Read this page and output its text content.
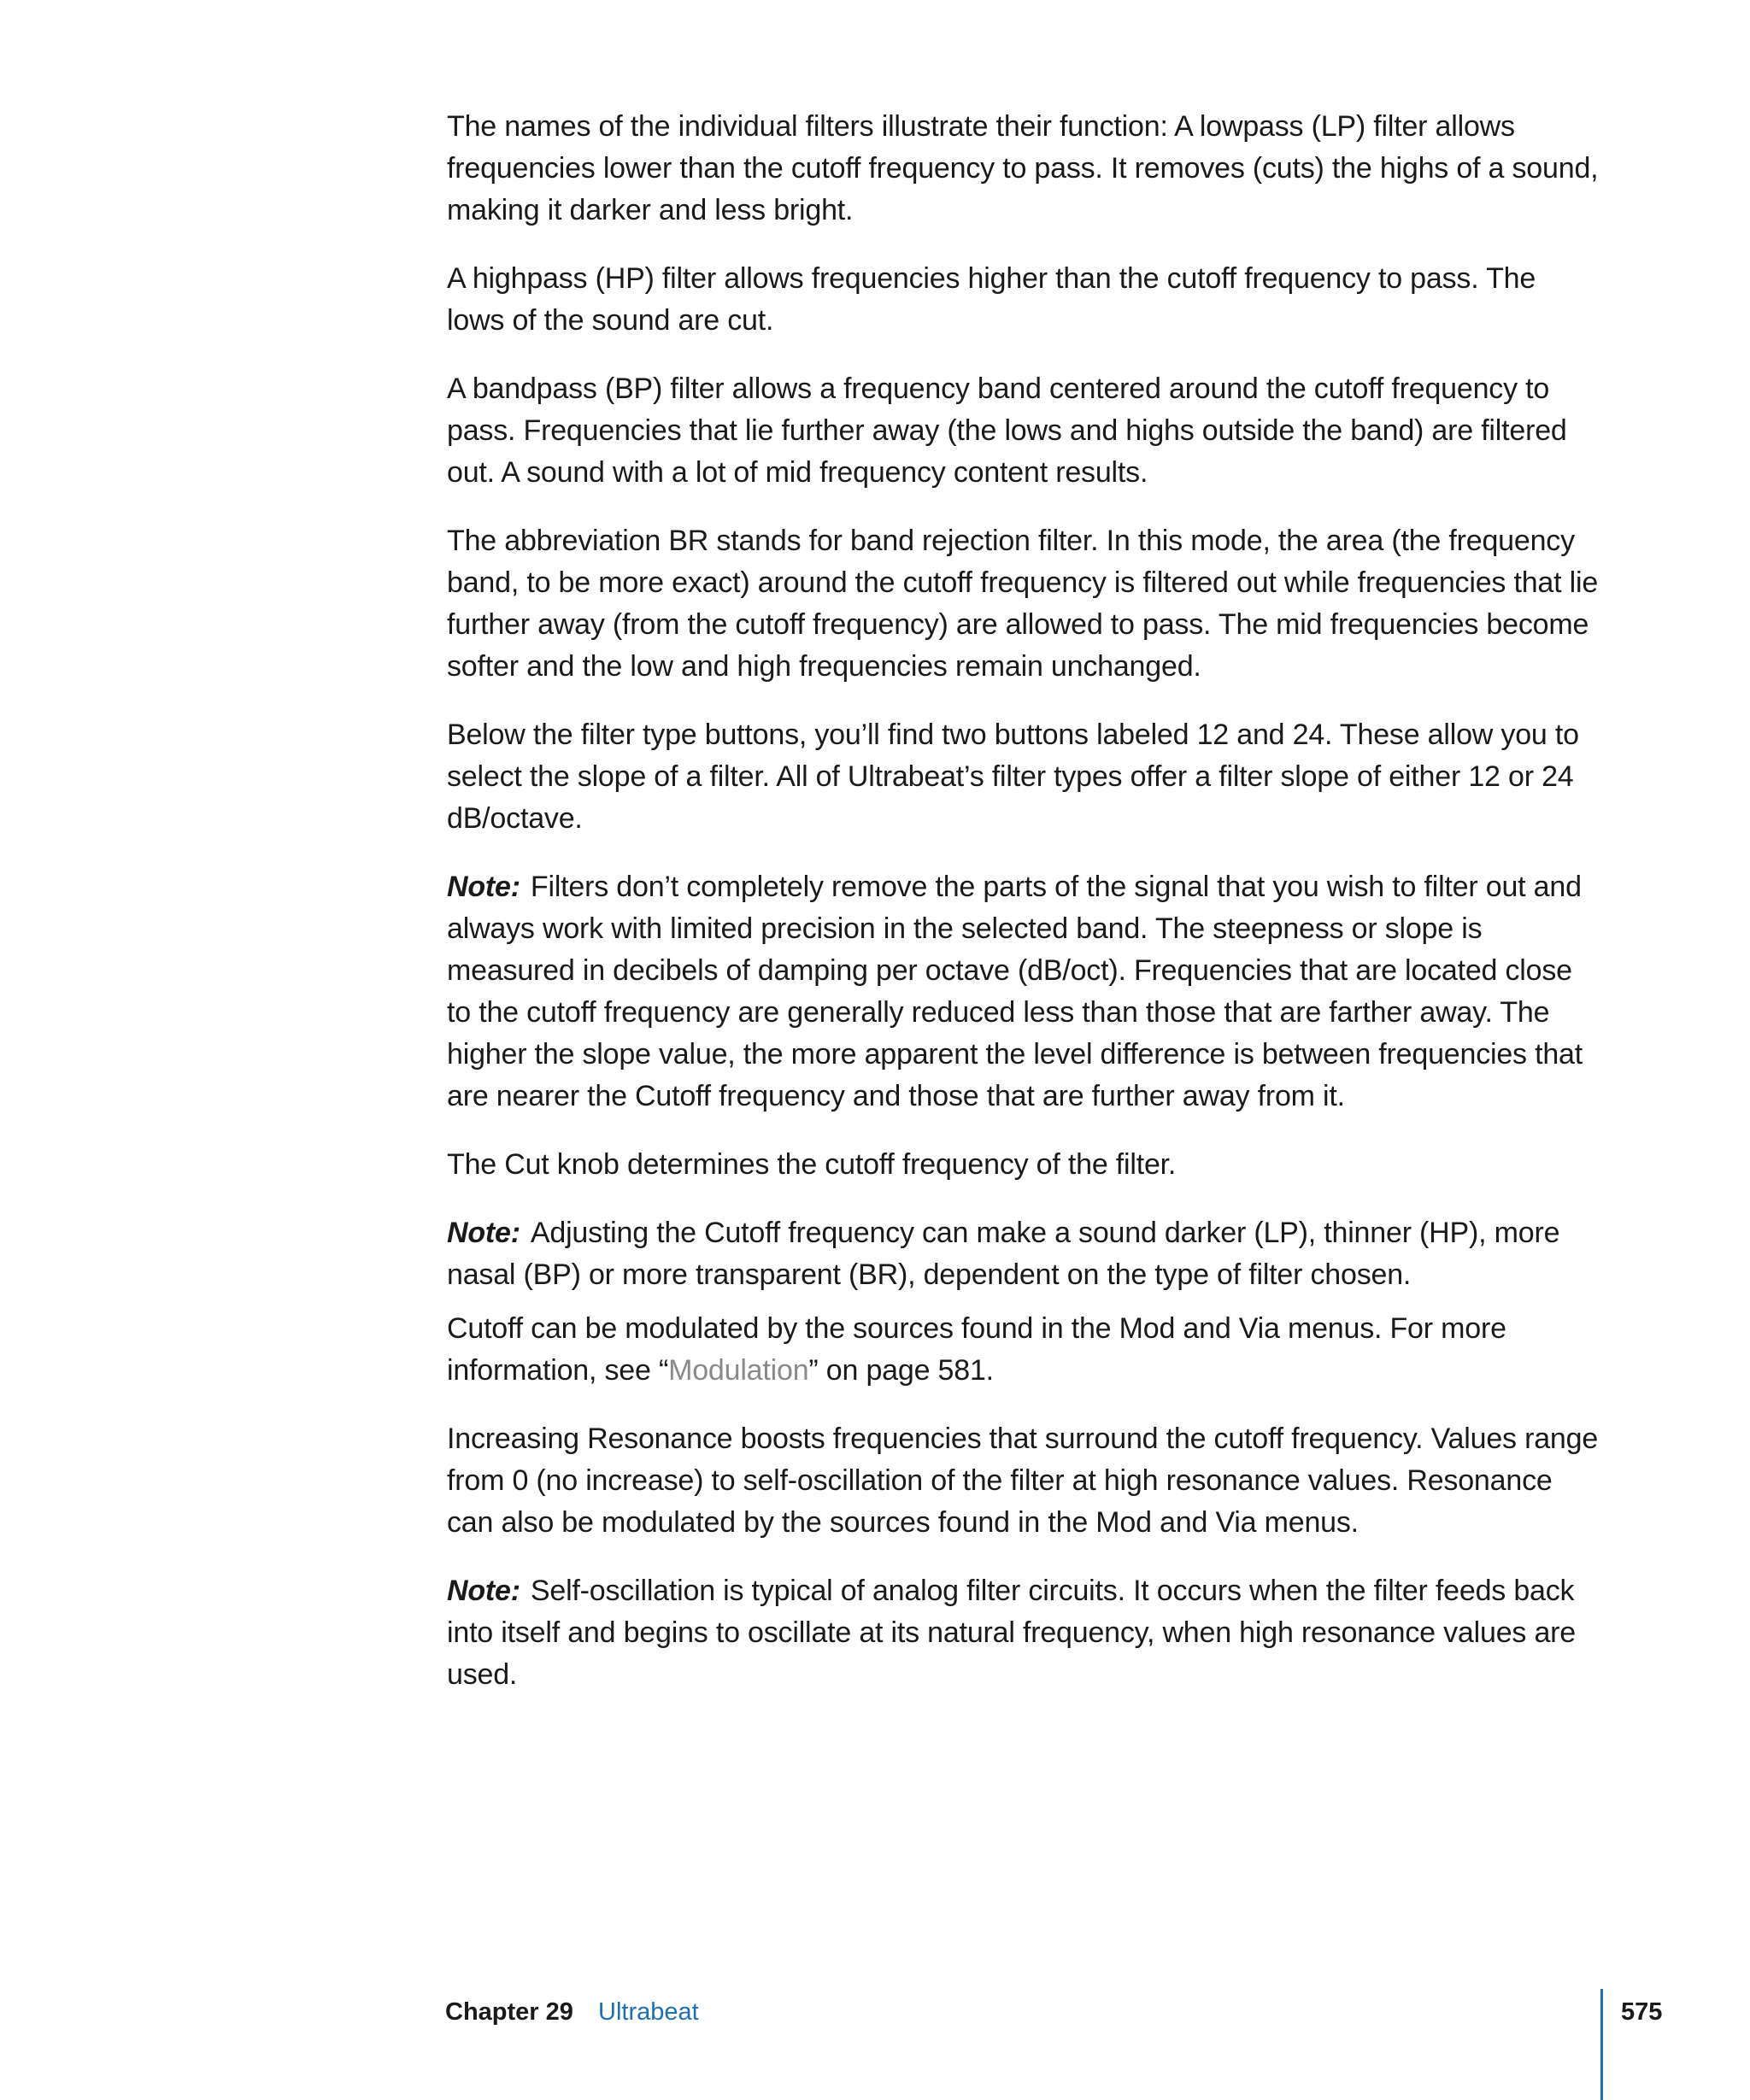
The names of the individual filters illustrate their function: A lowpass (LP) filter allows frequencies lower than the cutoff frequency to pass. It removes (cuts) the highs of a sound, making it darker and less bright.

A highpass (HP) filter allows frequencies higher than the cutoff frequency to pass. The lows of the sound are cut.

A bandpass (BP) filter allows a frequency band centered around the cutoff frequency to pass. Frequencies that lie further away (the lows and highs outside the band) are filtered out. A sound with a lot of mid frequency content results.

The abbreviation BR stands for band rejection filter. In this mode, the area (the frequency band, to be more exact) around the cutoff frequency is filtered out while frequencies that lie further away (from the cutoff frequency) are allowed to pass. The mid frequencies become softer and the low and high frequencies remain unchanged.

Below the filter type buttons, you’ll find two buttons labeled 12 and 24. These allow you to select the slope of a filter. All of Ultrabeat’s filter types offer a filter slope of either 12 or 24 dB/octave.

Note: Filters don’t completely remove the parts of the signal that you wish to filter out and always work with limited precision in the selected band. The steepness or slope is measured in decibels of damping per octave (dB/oct). Frequencies that are located close to the cutoff frequency are generally reduced less than those that are farther away. The higher the slope value, the more apparent the level difference is between frequencies that are nearer the Cutoff frequency and those that are further away from it.

The Cut knob determines the cutoff frequency of the filter.

Note: Adjusting the Cutoff frequency can make a sound darker (LP), thinner (HP), more nasal (BP) or more transparent (BR), dependent on the type of filter chosen.

Cutoff can be modulated by the sources found in the Mod and Via menus. For more information, see “Modulation” on page 581.

Increasing Resonance boosts frequencies that surround the cutoff frequency. Values range from 0 (no increase) to self-oscillation of the filter at high resonance values. Resonance can also be modulated by the sources found in the Mod and Via menus.

Note: Self-oscillation is typical of analog filter circuits. It occurs when the filter feeds back into itself and begins to oscillate at its natural frequency, when high resonance values are used.

Chapter 29 Ultrabeat	575
